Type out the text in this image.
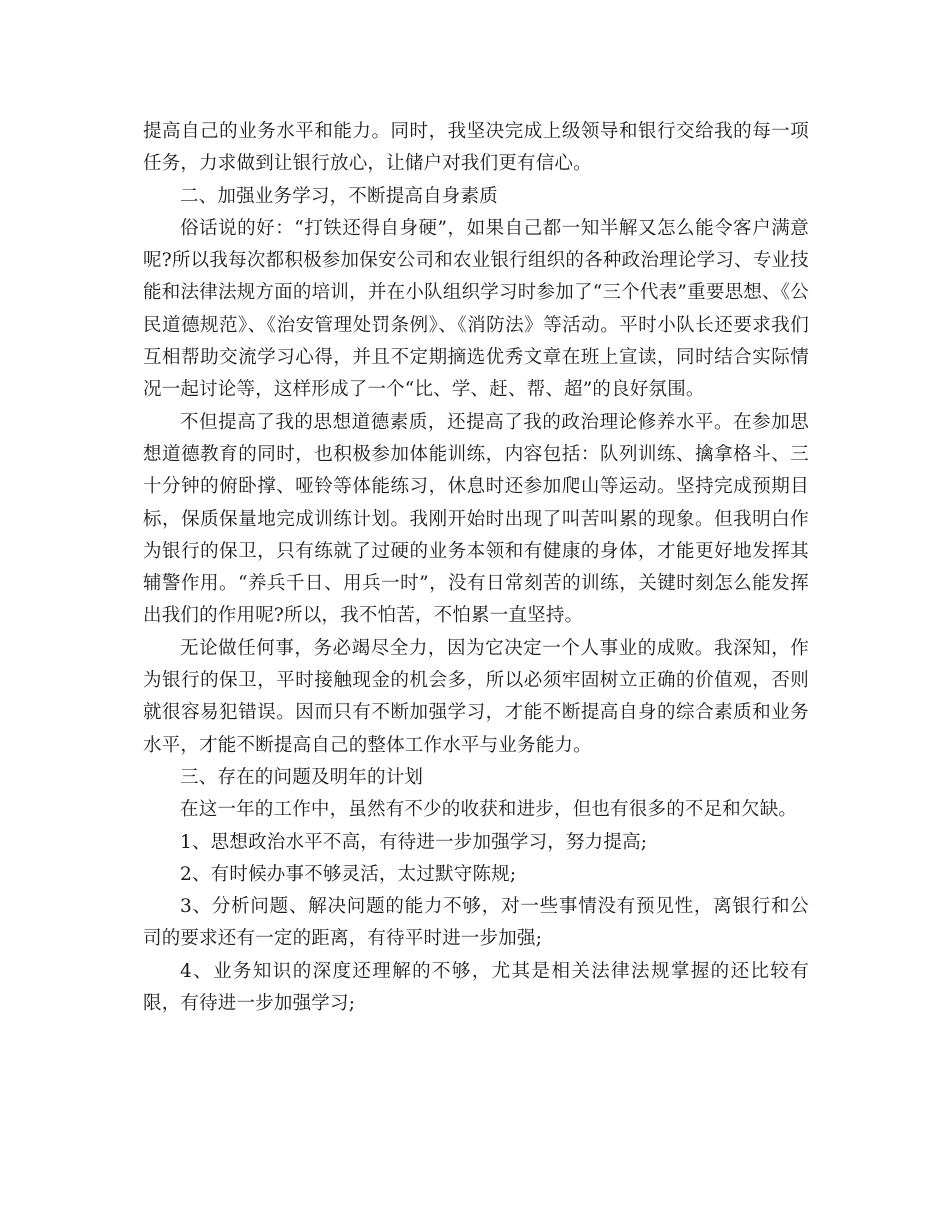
提高自己的业务水平和能力。同时，我坚决完成上级领导和银行交给我的每一项任务，力求做到让银行放心，让储户对我们更有信心。

二、加强业务学习，不断提高自身素质

俗话说的好：“打铁还得自身硬”，如果自己都一知半解又怎么能令客户满意呢?所以我每次都积极参加保安公司和农业银行组织的各种政治理论学习、专业技能和法律法规方面的培训，并在小队组织学习时参加了“三个代表”重要思想、《公民道德规范》、《治安管理处罚条例》、《消防法》等活动。平时小队长还要求我们互相帮助交流学习心得，并且不定期摘选优秀文章在班上宣读，同时结合实际情况一起讨论等，这样形成了一个“比、学、赶、帮、超”的良好氛围。

不但提高了我的思想道德素质，还提高了我的政治理论修养水平。在参加思想道德教育的同时，也积极参加体能训练，内容包括：队列训练、擒拿格斗、三十分钟的俯卧撑、哑铃等体能练习，休息时还参加爬山等运动。坚持完成预期目标，保质保量地完成训练计划。我刚开始时出现了叫苦叫累的现象。但我明白作为银行的保卫，只有练就了过硬的业务本领和有健康的身体，才能更好地发挥其辅警作用。“养兵千日、用兵一时”，没有日常刻苦的训练，关键时刻怎么能发挥出我们的作用呢?所以，我不怕苦，不怕累一直坚持。

无论做任何事，务必竭尽全力，因为它决定一个人事业的成败。我深知，作为银行的保卫，平时接触现金的机会多，所以必须牢固树立正确的价值观，否则就很容易犯错误。因而只有不断加强学习，才能不断提高自身的综合素质和业务水平，才能不断提高自己的整体工作水平与业务能力。

三、存在的问题及明年的计划

在这一年的工作中，虽然有不少的收获和进步，但也有很多的不足和欠缺。

1、思想政治水平不高，有待进一步加强学习，努力提高;

2、有时候办事不够灵活，太过默守陈规;

3、分析问题、解决问题的能力不够，对一些事情没有预见性，离银行和公司的要求还有一定的距离，有待平时进一步加强;

4、业务知识的深度还理解的不够，尤其是相关法律法规掌握的还比较有限，有待进一步加强学习;
